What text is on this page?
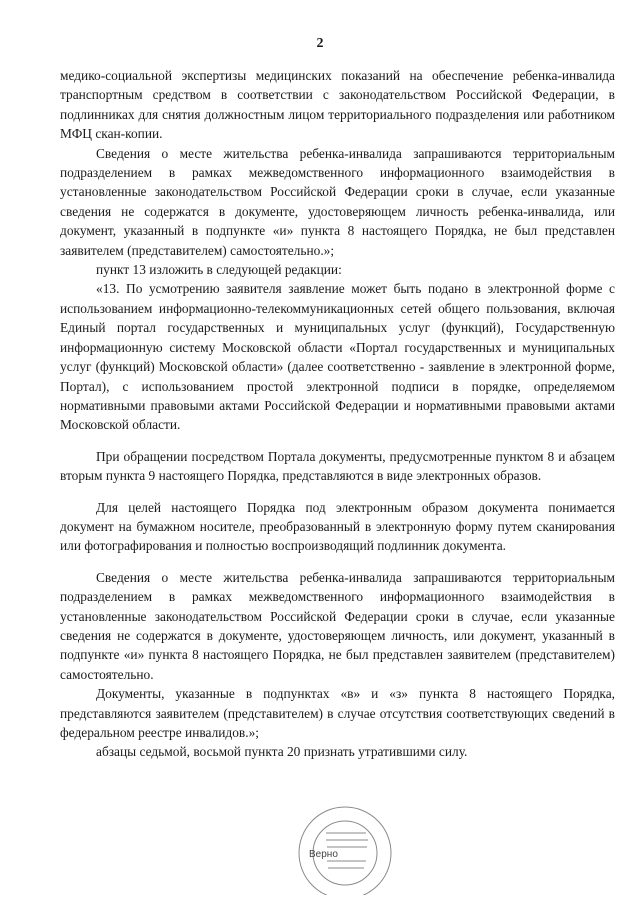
2

медико-социальной экспертизы медицинских показаний на обеспечение ребенка-инвалида транспортным средством в соответствии с законодательством Российской Федерации, в подлинниках для снятия должностным лицом территориального подразделения или работником МФЦ скан-копии.

Сведения о месте жительства ребенка-инвалида запрашиваются территориальным подразделением в рамках межведомственного информационного взаимодействия в установленные законодательством Российской Федерации сроки в случае, если указанные сведения не содержатся в документе, удостоверяющем личность ребенка-инвалида, или документ, указанный в подпункте «и» пункта 8 настоящего Порядка, не был представлен заявителем (представителем) самостоятельно.»;

пункт 13 изложить в следующей редакции:

«13. По усмотрению заявителя заявление может быть подано в электронной форме с использованием информационно-телекоммуникационных сетей общего пользования, включая Единый портал государственных и муниципальных услуг (функций), Государственную информационную систему Московской области «Портал государственных и муниципальных услуг (функций) Московской области» (далее соответственно - заявление в электронной форме, Портал), с использованием простой электронной подписи в порядке, определяемом нормативными правовыми актами Российской Федерации и нормативными правовыми актами Московской области.

При обращении посредством Портала документы, предусмотренные пунктом 8 и абзацем вторым пункта 9 настоящего Порядка, представляются в виде электронных образов.

Для целей настоящего Порядка под электронным образом документа понимается документ на бумажном носителе, преобразованный в электронную форму путем сканирования или фотографирования и полностью воспроизводящий подлинник документа.

Сведения о месте жительства ребенка-инвалида запрашиваются территориальным подразделением в рамках межведомственного информационного взаимодействия в установленные законодательством Российской Федерации сроки в случае, если указанные сведения не содержатся в документе, удостоверяющем личность, или документ, указанный в подпункте «и» пункта 8 настоящего Порядка, не был представлен заявителем (представителем) самостоятельно.

Документы, указанные в подпунктах «в» и «з» пункта 8 настоящего Порядка, представляются заявителем (представителем) в случае отсутствия соответствующих сведений в федеральном реестре инвалидов.»;

абзацы седьмой, восьмой пункта 20 признать утратившими силу.

Верно
